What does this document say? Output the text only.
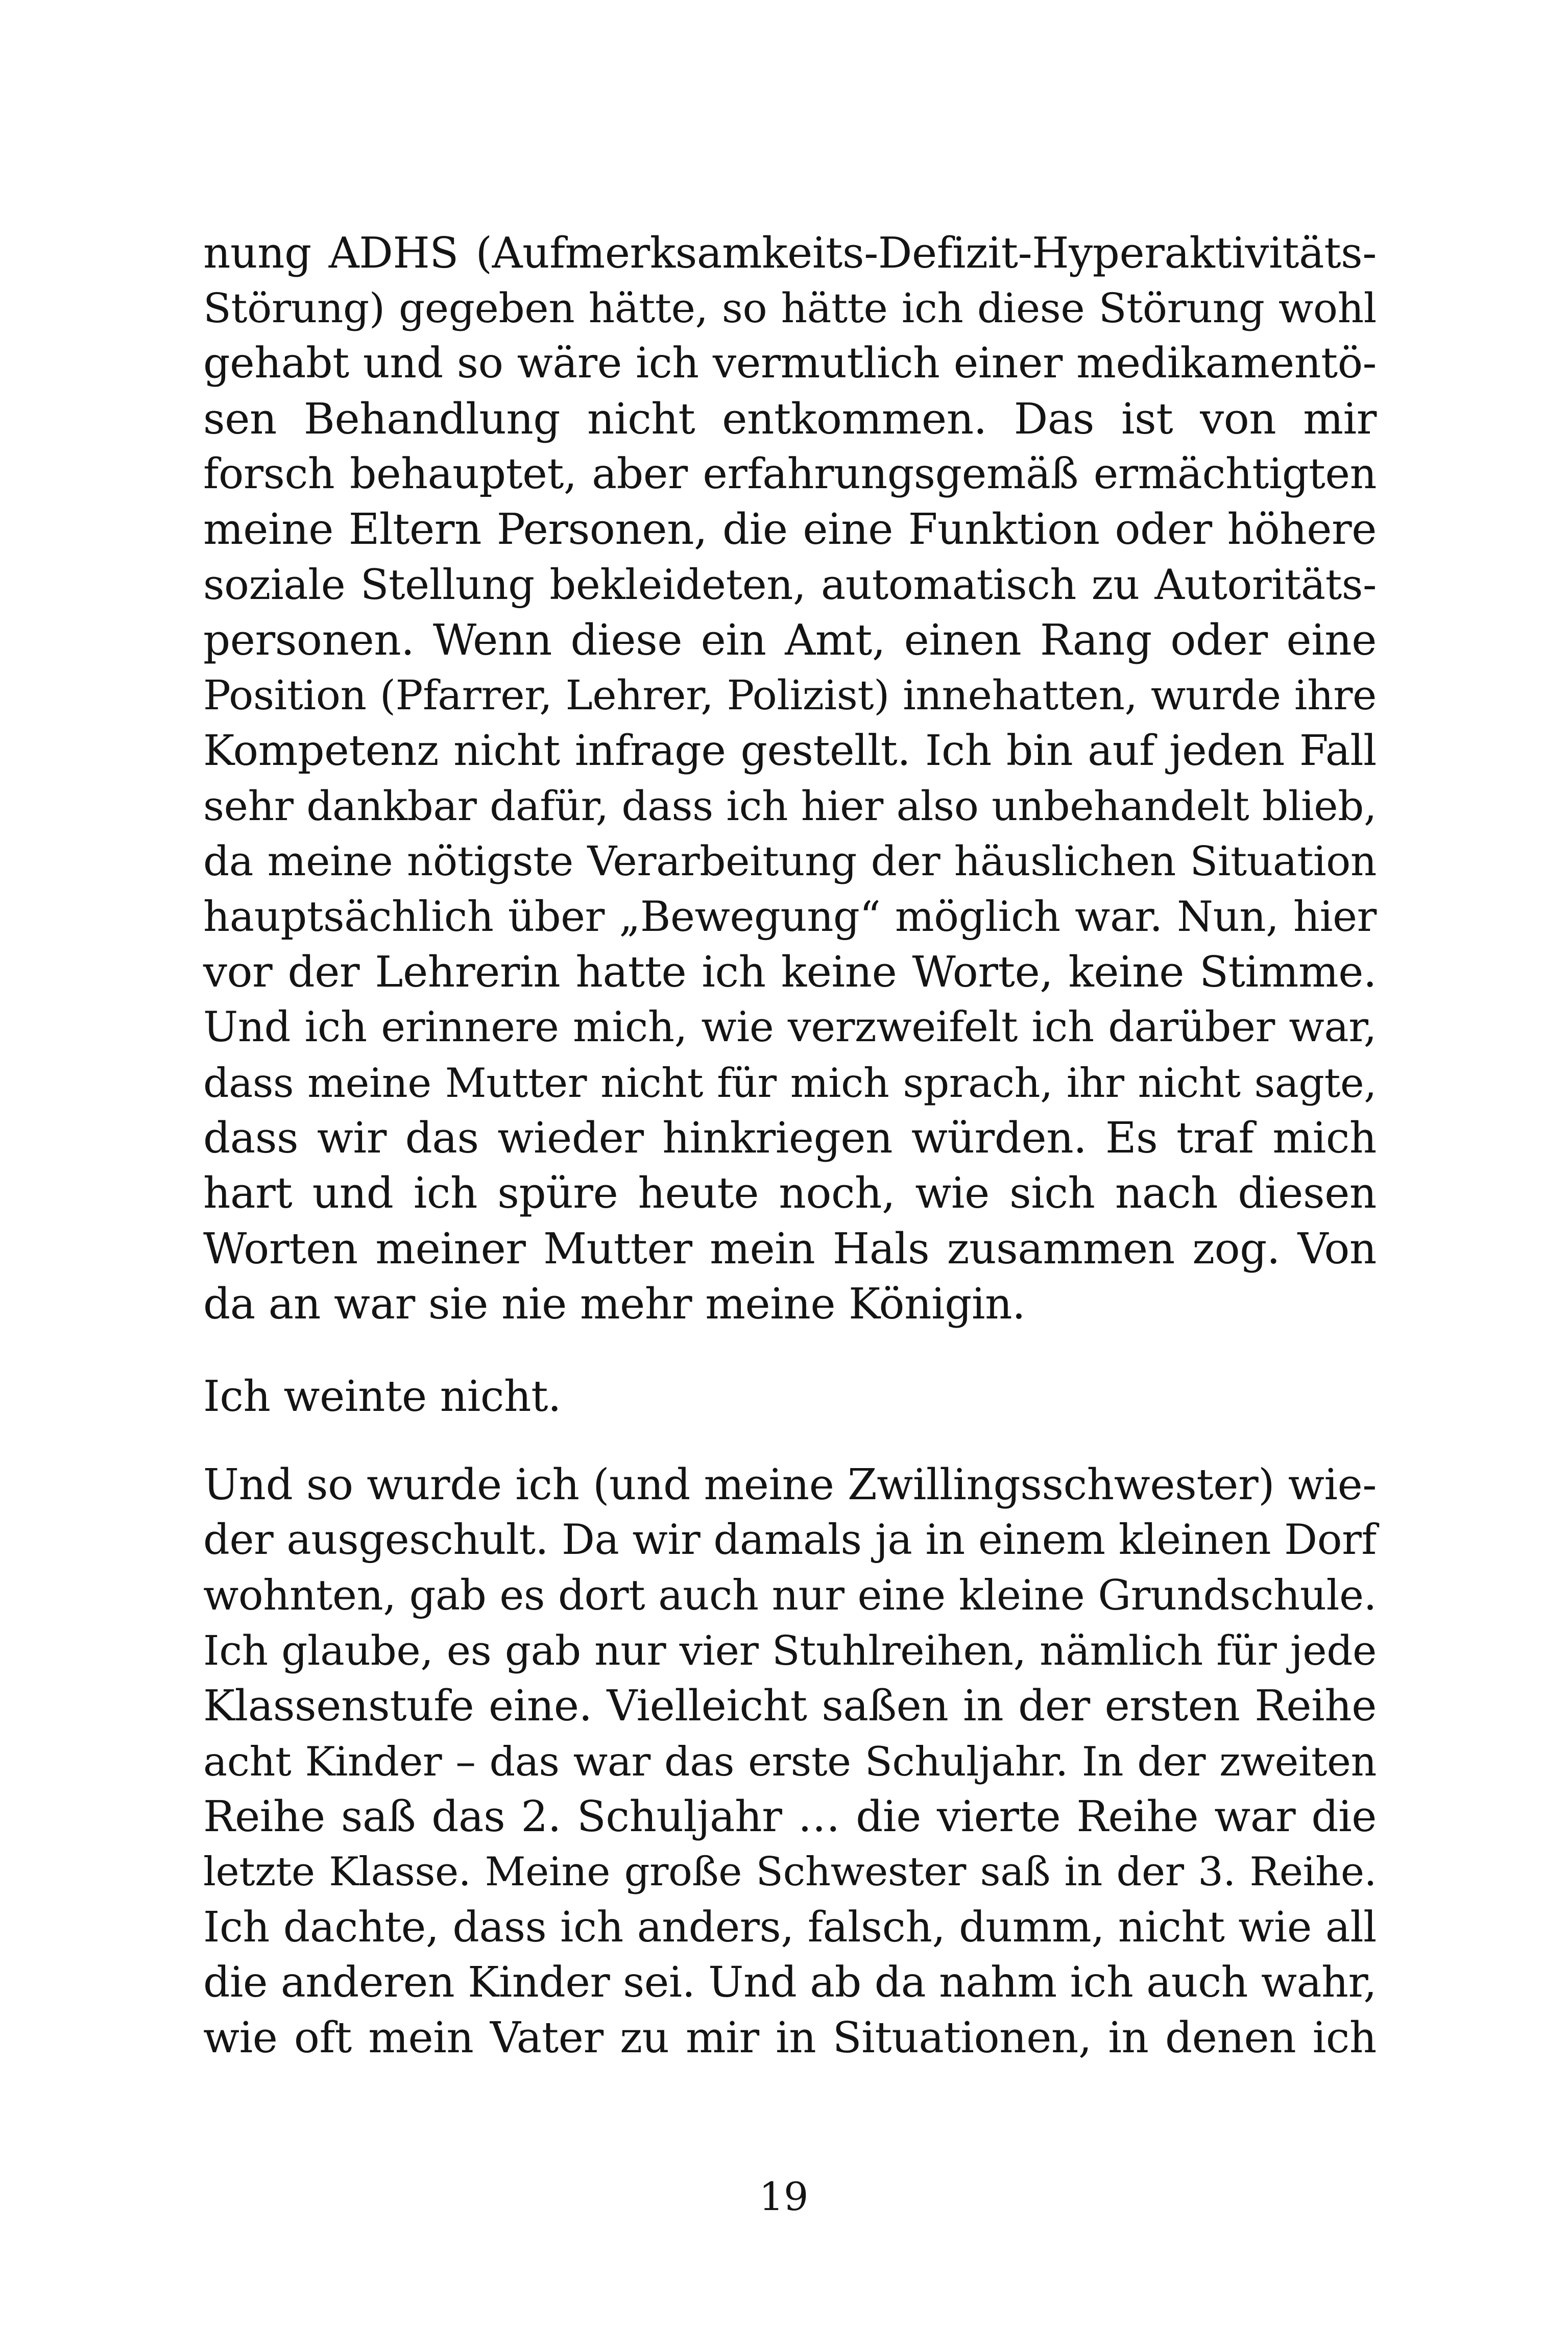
nung ADHS (Aufmerksamkeits-Defizit-Hyperaktivitäts-
Störung) gegeben hätte, so hätte ich diese Störung wohl
gehabt und so wäre ich vermutlich einer medikamentö-
sen Behandlung nicht entkommen. Das ist von mir
forsch behauptet, aber erfahrungsgemäß ermächtigten
meine Eltern Personen, die eine Funktion oder höhere
soziale Stellung bekleideten, automatisch zu Autoritäts-
personen. Wenn diese ein Amt, einen Rang oder eine
Position (Pfarrer, Lehrer, Polizist) innehatten, wurde ihre
Kompetenz nicht infrage gestellt. Ich bin auf jeden Fall
sehr dankbar dafür, dass ich hier also unbehandelt blieb,
da meine nötigste Verarbeitung der häuslichen Situation
hauptsächlich über „Bewegung“ möglich war. Nun, hier
vor der Lehrerin hatte ich keine Worte, keine Stimme.
Und ich erinnere mich, wie verzweifelt ich darüber war,
dass meine Mutter nicht für mich sprach, ihr nicht sagte,
dass wir das wieder hinkriegen würden. Es traf mich
hart und ich spüre heute noch, wie sich nach diesen
Worten meiner Mutter mein Hals zusammen zog. Von
da an war sie nie mehr meine Königin.
Ich weinte nicht.
Und so wurde ich (und meine Zwillingsschwester) wie-
der ausgeschult. Da wir damals ja in einem kleinen Dorf
wohnten, gab es dort auch nur eine kleine Grundschule.
Ich glaube, es gab nur vier Stuhlreihen, nämlich für jede
Klassenstufe eine. Vielleicht saßen in der ersten Reihe
acht Kinder – das war das erste Schuljahr. In der zweiten
Reihe saß das 2. Schuljahr … die vierte Reihe war die
letzte Klasse. Meine große Schwester saß in der 3. Reihe.
Ich dachte, dass ich anders, falsch, dumm, nicht wie all
die anderen Kinder sei. Und ab da nahm ich auch wahr,
wie oft mein Vater zu mir in Situationen, in denen ich
19
